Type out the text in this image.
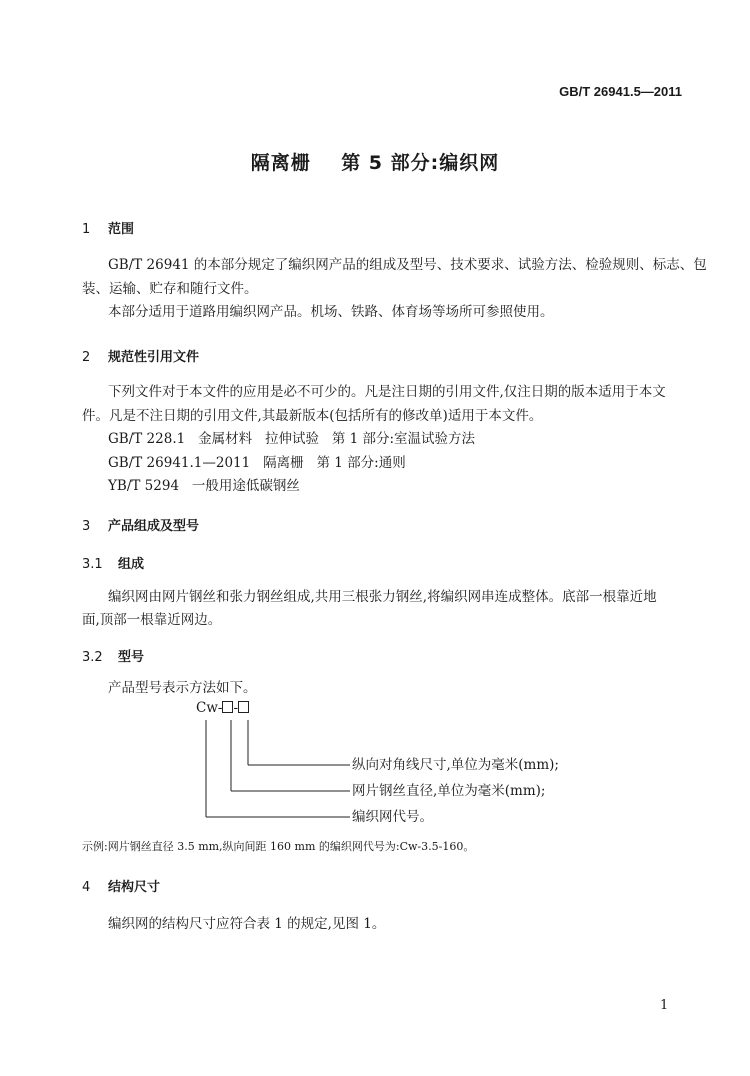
GB/T 26941.5—2011
隔离栅    第 5 部分:编织网
1 范围
GB/T 26941 的本部分规定了编织网产品的组成及型号、技术要求、试验方法、检验规则、标志、包
装、运输、贮存和随行文件。
本部分适用于道路用编织网产品。机场、铁路、体育场等场所可参照使用。
2 规范性引用文件
下列文件对于本文件的应用是必不可少的。凡是注日期的引用文件,仅注日期的版本适用于本文
件。凡是不注日期的引用文件,其最新版本(包括所有的修改单)适用于本文件。
GB/T 228.1   金属材料   拉伸试验   第 1 部分:室温试验方法
GB/T 26941.1—2011   隔离栅   第 1 部分:通则
YB/T 5294   一般用途低碳钢丝
3 产品组成及型号
3.1 组成
编织网由网片钢丝和张力钢丝组成,共用三根张力钢丝,将编织网串连成整体。底部一根靠近地
面,顶部一根靠近网边。
3.2 型号
产品型号表示方法如下。
Cw- -
纵向对角线尺寸,单位为毫米(mm);
网片钢丝直径,单位为毫米(mm);
编织网代号。
示例:网片钢丝直径 3.5 mm,纵向间距 160 mm 的编织网代号为:Cw-3.5-160。
4 结构尺寸
编织网的结构尺寸应符合表 1 的规定,见图 1。
1
